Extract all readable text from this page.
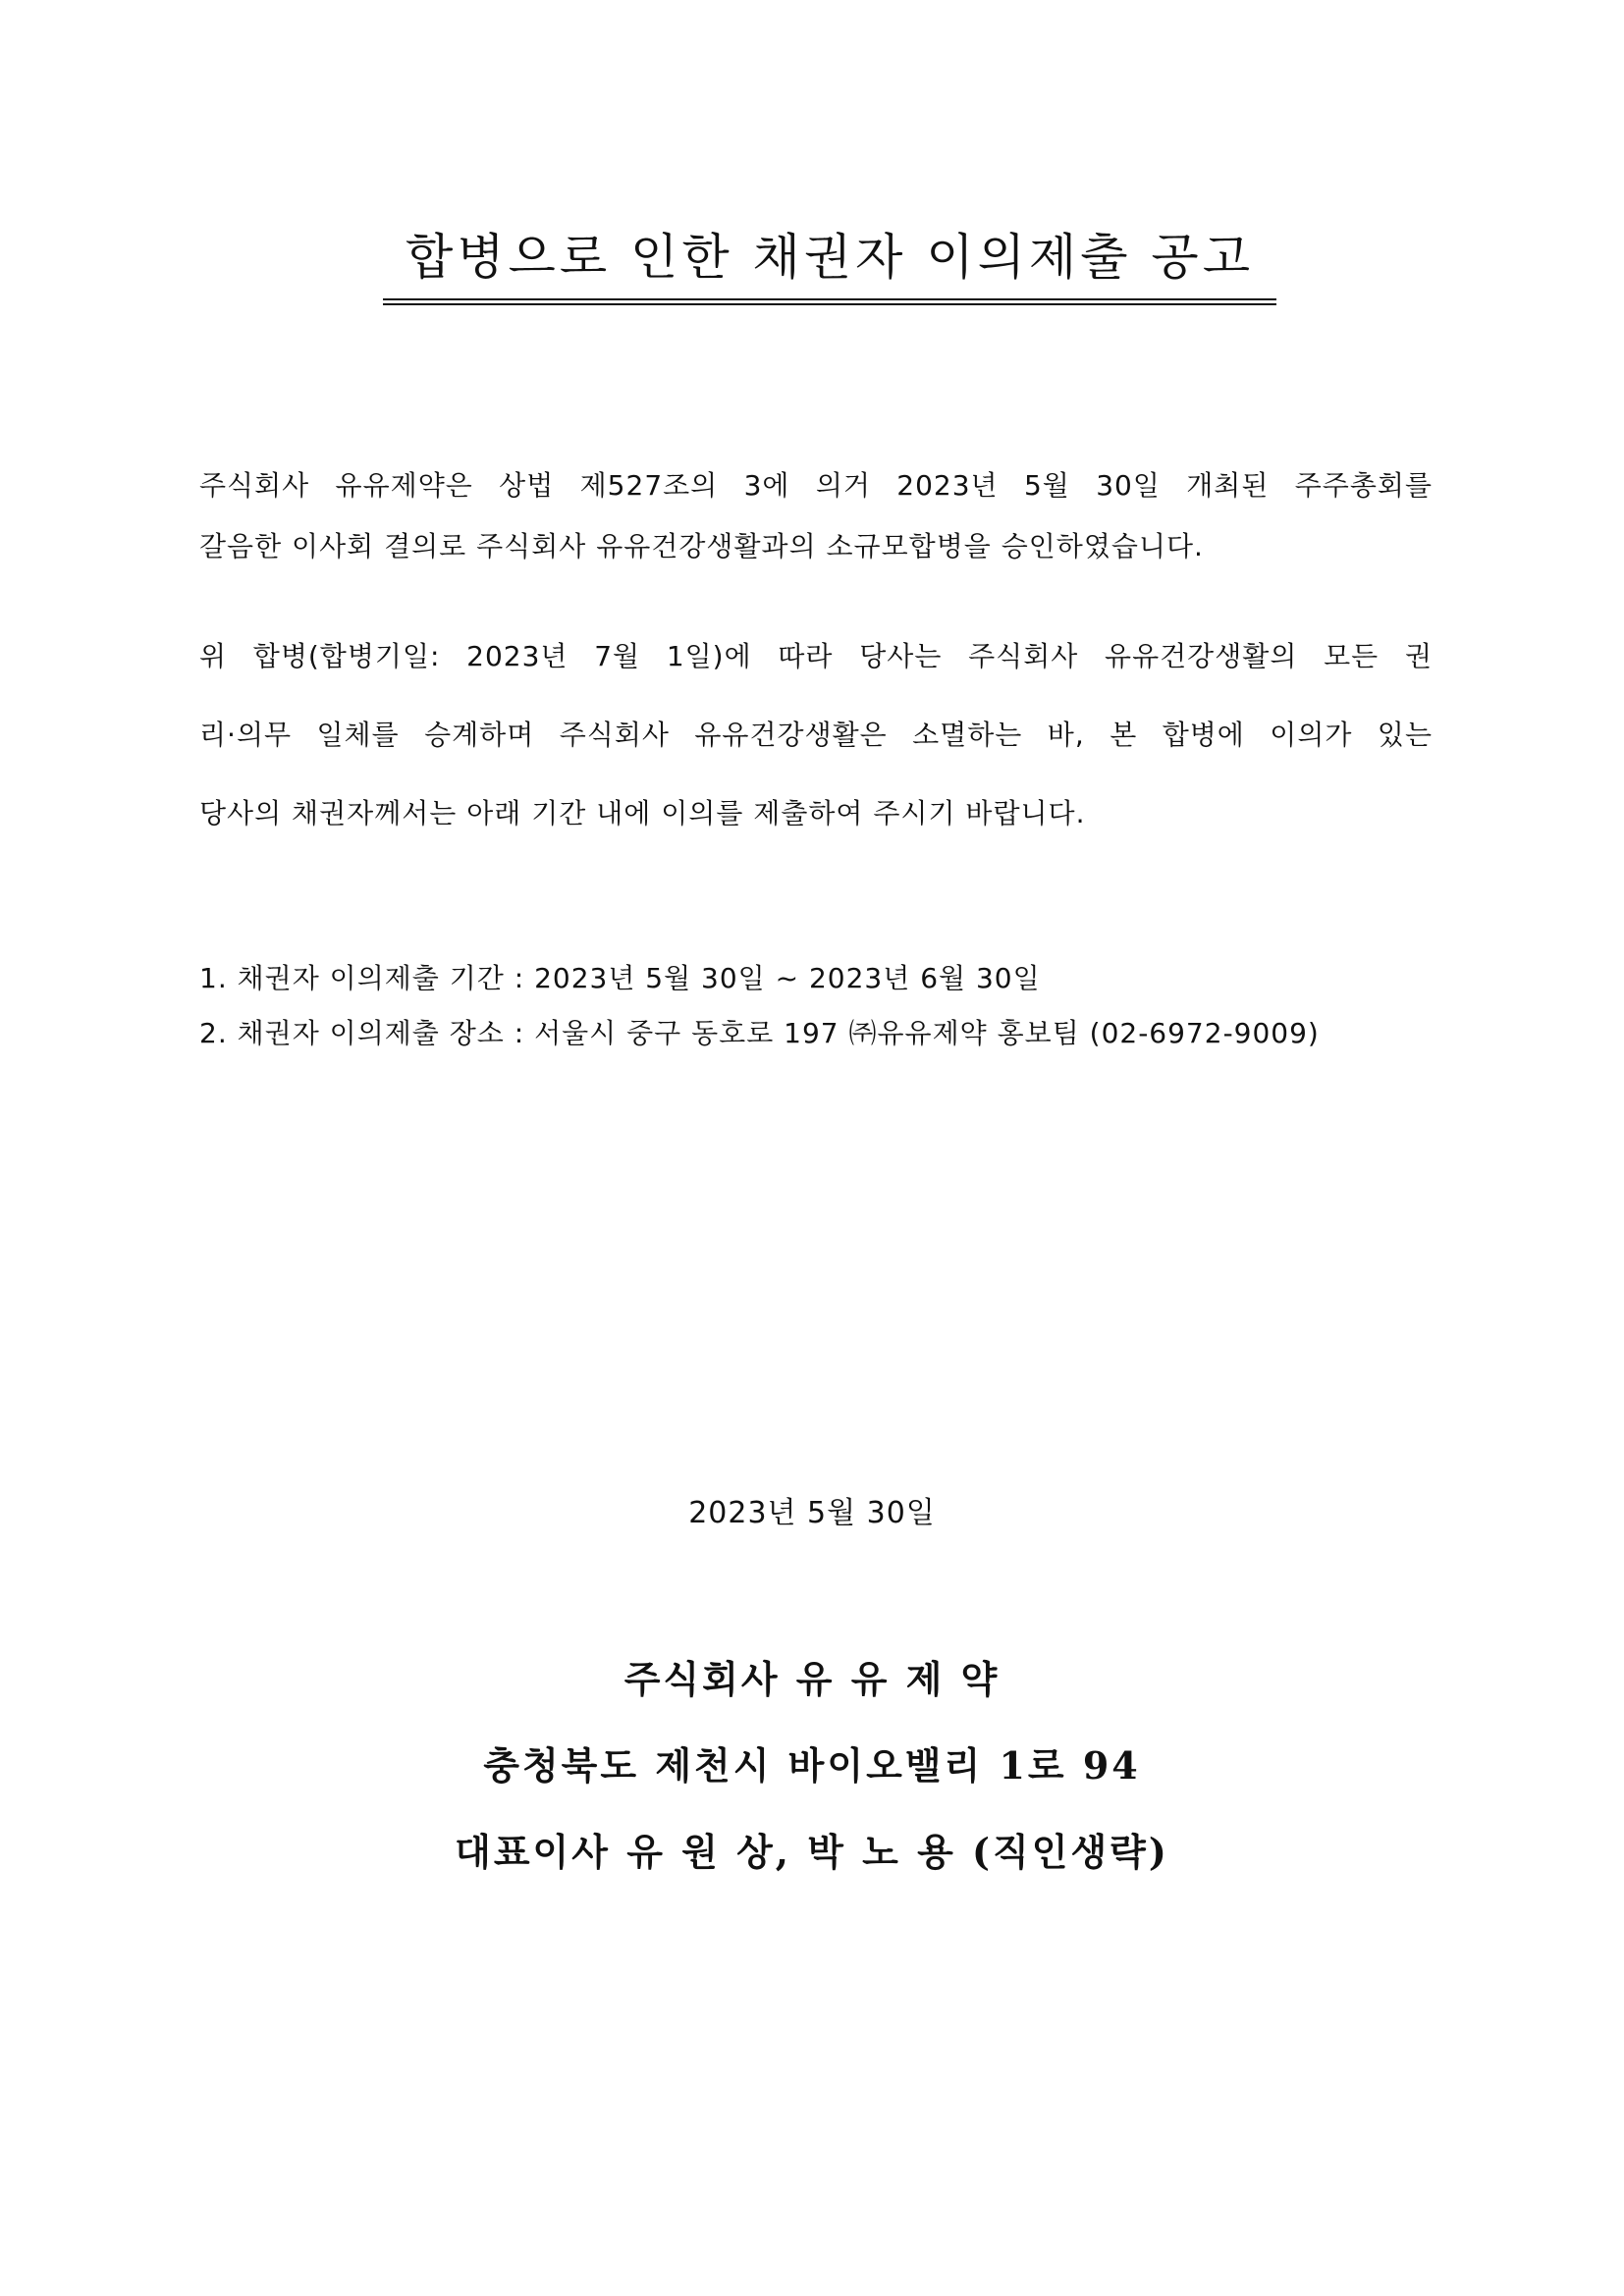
합병으로 인한 채권자 이의제출 공고
주식회사 유유제약은 상법 제527조의 3에 의거 2023년 5월 30일 개최된 주주총회를
갈음한 이사회 결의로 주식회사 유유건강생활과의 소규모합병을 승인하였습니다.
위 합병(합병기일: 2023년 7월 1일)에 따라 당사는 주식회사 유유건강생활의 모든 권
리·의무 일체를 승계하며 주식회사 유유건강생활은 소멸하는 바, 본 합병에 이의가 있는
당사의 채권자께서는 아래 기간 내에 이의를 제출하여 주시기 바랍니다.
1. 채권자 이의제출 기간 : 2023년 5월 30일 ~ 2023년 6월 30일
2. 채권자 이의제출 장소 : 서울시 중구 동호로 197 ㈜유유제약 홍보팀 (02-6972-9009)
2023년 5월 30일
주식회사 유 유 제 약
충청북도 제천시 바이오밸리 1로 94
대표이사 유 원 상, 박 노 용 (직인생략)
